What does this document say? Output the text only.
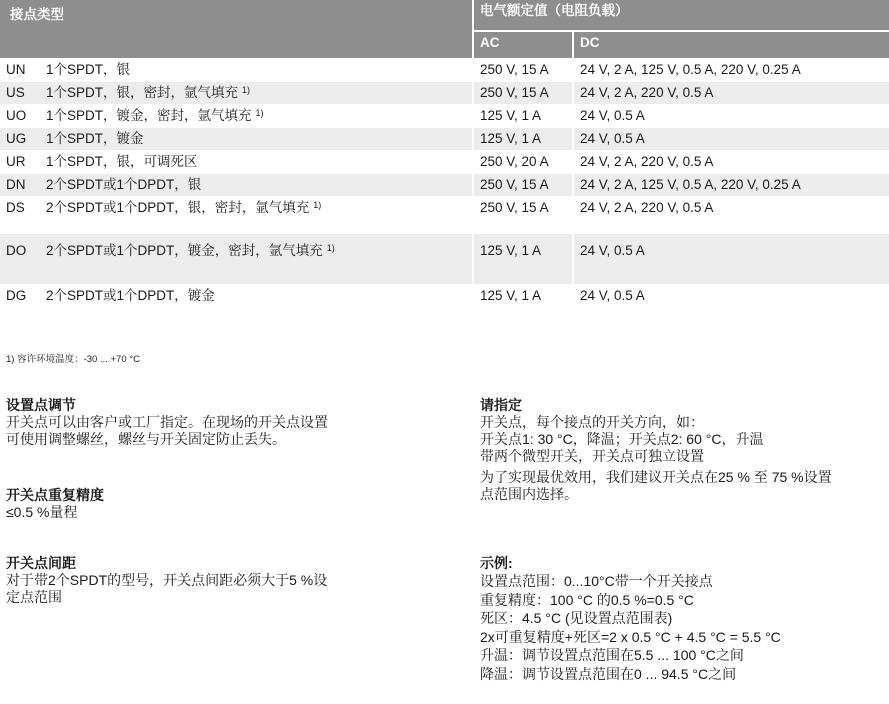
接点类型		电气额定值（电阻负载）	
		AC	DC
UN	1个SPDT，银	250 V, 15 A	24 V, 2 A, 125 V, 0.5 A, 220 V, 0.25 A
US	1个SPDT，银，密封，氩气填充 $^{1)}$	250 V, 15 A	24 V, 2 A, 220 V, 0.5 A
UO	1个SPDT，镀金，密封，氩气填充 $^{1)}$	125 V, 1 A	24 V, 0.5 A
UG	1个SPDT，镀金	125 V, 1 A	24 V, 0.5 A
UR	1个SPDT，银，可调死区	250 V, 20 A	24 V, 2 A, 220 V, 0.5 A
DN	2个SPDT或1个DPDT，银	250 V, 15 A	24 V, 2 A, 125 V, 0.5 A, 220 V, 0.25 A
DS	2个SPDT或1个DPDT，银，密封，氩气填充 $^{1)}$	250 V, 15 A	24 V, 2 A, 220 V, 0.5 A
DO	2个SPDT或1个DPDT，镀金，密封，氩气填充 $^{1)}$	125 V, 1 A	24 V, 0.5 A
DG	2个SPDT或1个DPDT，镀金	125 V, 1 A	24 V, 0.5 A
1) 容许环境温度：-30 ... +70 °C
设置点调节

开关点可以由客户或工厂指定。在现场的开关点设置

可使用调整螺丝，螺丝与开关固定防止丢失。

开关点重复精度

≤0.5 %量程

开关点间距

对于带2个SPDT的型号，开关点间距必须大于5 %设

定点范围

请指定

开关点，每个接点的开关方向，如：

开关点1: 30 °C，降温；开关点2: 60 °C，升温

带两个微型开关，开关点可独立设置

为了实现最优效用，我们建议开关点在25 % 至 75 %设置

点范围内选择。

示例:

设置点范围：0...10°C带一个开关接点

重复精度：100 °C 的0.5 %=0.5 °C

死区：4.5 °C (见设置点范围表)

2x可重复精度+死区=2 x 0.5 °C + 4.5 °C = 5.5 °C

升温：调节设置点范围在5.5 ... 100 °C之间

降温：调节设置点范围在0 ... 94.5 °C之间
